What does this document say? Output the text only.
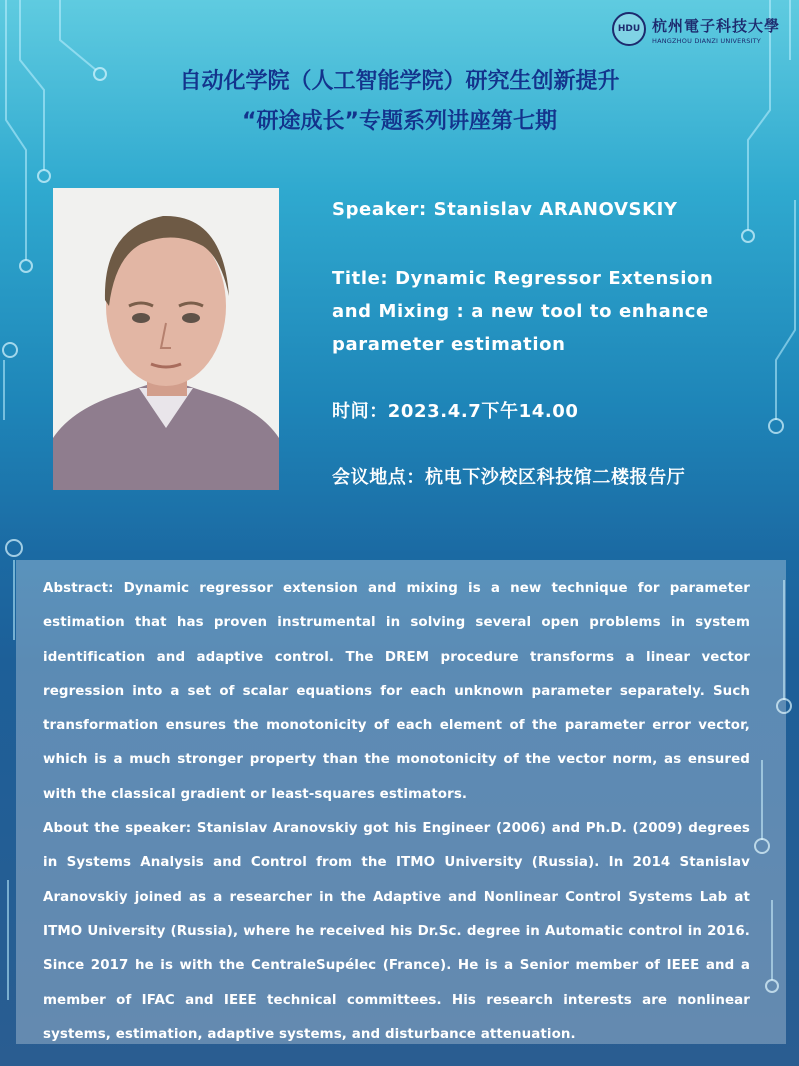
HDU 杭州電子科技大學
HANGZHOU DIANZI UNIVERSITY
自动化学院（人工智能学院）研究生创新提升
“研途成长”专题系列讲座第七期
Speaker: Stanislav ARANOVSKIY
Title: Dynamic Regressor Extension and Mixing : a new tool to enhance parameter estimation
时间：2023.4.7下午14.00
会议地点：杭电下沙校区科技馆二楼报告厅

Abstract: Dynamic regressor extension and mixing is a new technique for parameter estimation that has proven instrumental in solving several open problems in system identification and adaptive control. The DREM procedure transforms a linear vector regression into a set of scalar equations for each unknown parameter separately. Such transformation ensures the monotonicity of each element of the parameter error vector, which is a much stronger property than the monotonicity of the vector norm, as ensured with the classical gradient or least-squares estimators.

About the speaker: Stanislav Aranovskiy got his Engineer (2006) and Ph.D. (2009) degrees in Systems Analysis and Control from the ITMO University (Russia). In 2014 Stanislav Aranovskiy joined as a researcher in the Adaptive and Nonlinear Control Systems Lab at ITMO University (Russia), where he received his Dr.Sc. degree in Automatic control in 2016. Since 2017 he is with the CentraleSupélec (France). He is a Senior member of IEEE and a member of IFAC and IEEE technical committees. His research interests are nonlinear systems, estimation, adaptive systems, and disturbance attenuation.
